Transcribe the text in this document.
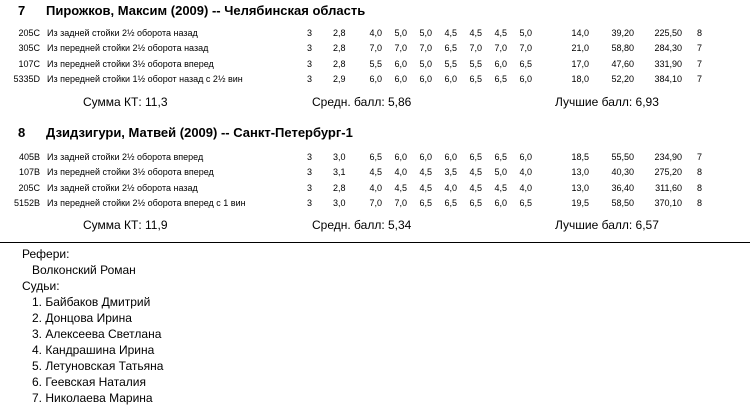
7 Пирожков, Максим (2009) -- Челябинская область
205C	Из задней стойки 2½ оборота назад	3	2,8	4,0	5,0	5,0	4,5	4,5	4,5	5,0	14,0	39,20	225,50	8
305C	Из передней стойки 2½ оборота назад	3	2,8	7,0	7,0	7,0	6,5	7,0	7,0	7,0	21,0	58,80	284,30	7
107C	Из передней стойки 3½ оборота вперед	3	2,8	5,5	6,0	5,0	5,5	5,5	6,0	6,5	17,0	47,60	331,90	7
5335D	Из передней стойки 1½ оборот назад с 2½ вин	3	2,9	6,0	6,0	6,0	6,0	6,5	6,5	6,0	18,0	52,20	384,10	7
Сумма КТ: 11,3	Средн. балл: 5,86	Лучшие балл: 6,93
8 Дзидзигури, Матвей (2009) -- Санкт-Петербург-1
405B	Из задней стойки 2½ оборота вперед	3	3,0	6,5	6,0	6,0	6,0	6,5	6,5	6,0	18,5	55,50	234,90	7
107B	Из передней стойки 3½ оборота вперед	3	3,1	4,5	4,0	4,5	3,5	4,5	5,0	4,0	13,0	40,30	275,20	8
205C	Из задней стойки 2½ оборота назад	3	2,8	4,0	4,5	4,5	4,0	4,5	4,5	4,0	13,0	36,40	311,60	8
5152B	Из передней стойки 2½ оборота вперед с 1 вин	3	3,0	7,0	7,0	6,5	6,5	6,5	6,0	6,5	19,5	58,50	370,10	8
Сумма КТ: 11,9	Средн. балл: 5,34	Лучшие балл: 6,57
Рефери:
Волконский Роман
Судьи:
1. Байбаков Дмитрий
2. Донцова Ирина
3. Алексеева Светлана
4. Кандрашина Ирина
5. Летуновская Татьяна
6. Геевская Наталия
7. Николаева Марина
